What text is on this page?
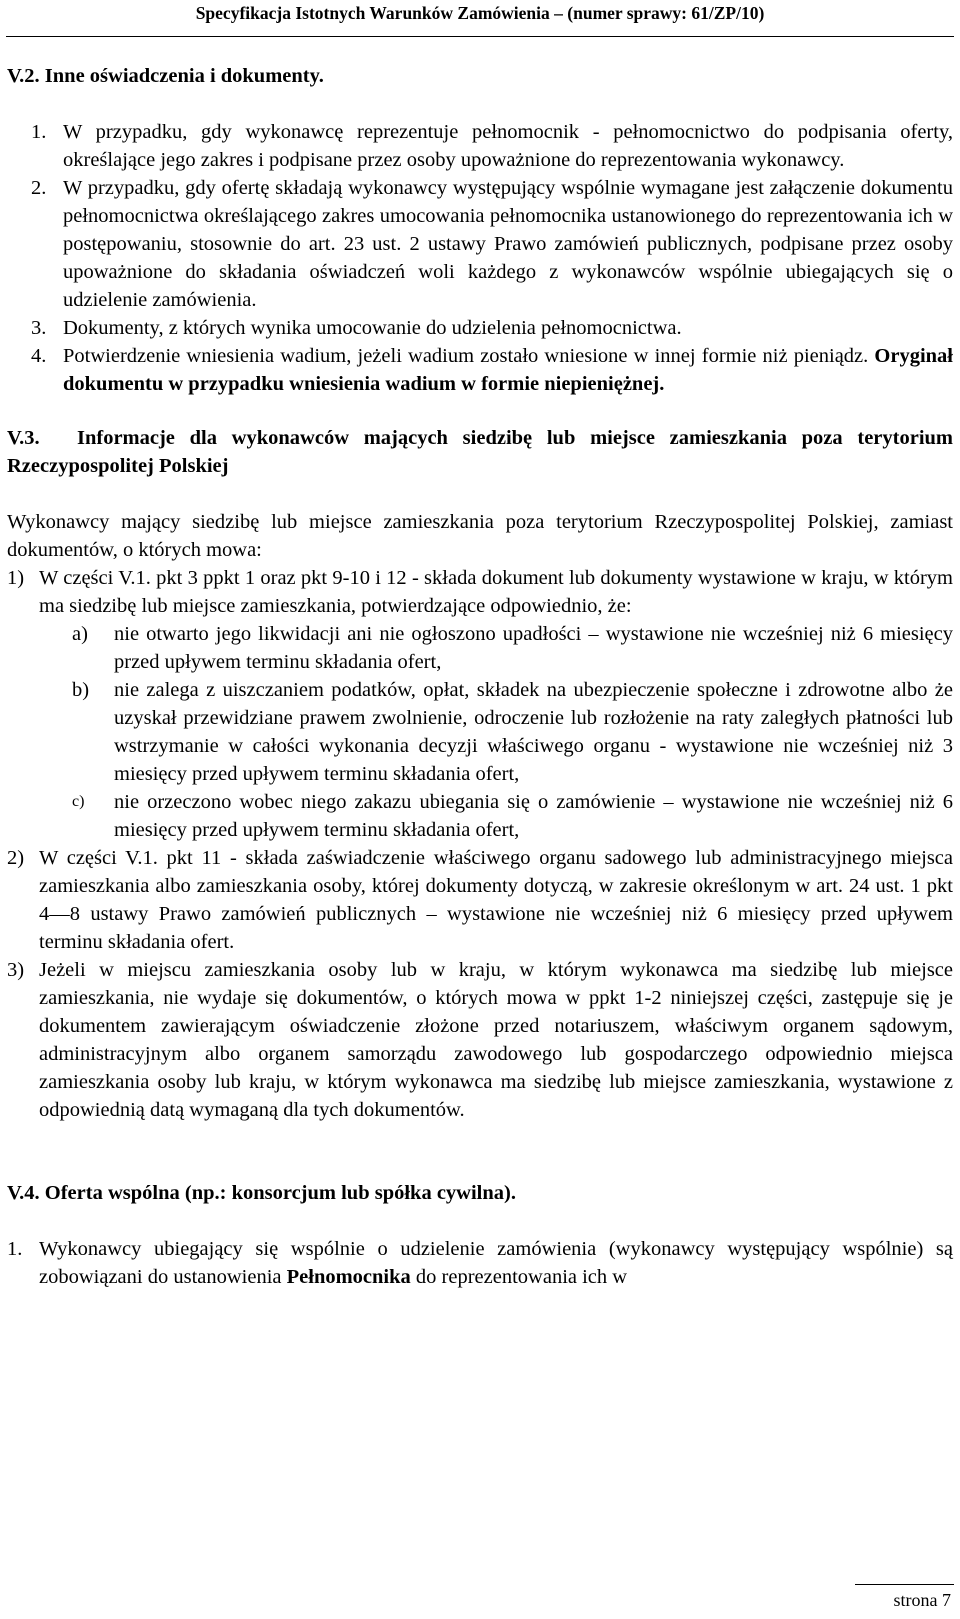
Specyfikacja Istotnych Warunków Zamówienia – (numer sprawy: 61/ZP/10)

V.2. Inne oświadczenia i dokumenty.

1. W przypadku, gdy wykonawcę reprezentuje pełnomocnik - pełnomocnictwo do podpisania oferty, określające jego zakres i podpisane przez osoby upoważnione do reprezentowania wykonawcy.
2. W przypadku, gdy ofertę składają wykonawcy występujący wspólnie wymagane jest załączenie dokumentu pełnomocnictwa określającego zakres umocowania pełnomocnika ustanowionego do reprezentowania ich w postępowaniu, stosownie do art. 23 ust. 2 ustawy Prawo zamówień publicznych, podpisane przez osoby upoważnione do składania oświadczeń woli każdego z wykonawców wspólnie ubiegających się o udzielenie zamówienia.
3. Dokumenty, z których wynika umocowanie do udzielenia pełnomocnictwa.
4. Potwierdzenie wniesienia wadium, jeżeli wadium zostało wniesione w innej formie niż pieniądz. Oryginał dokumentu w przypadku wniesienia wadium w formie niepieniężnej.

V.3. Informacje dla wykonawców mających siedzibę lub miejsce zamieszkania poza terytorium Rzeczypospolitej Polskiej

Wykonawcy mający siedzibę lub miejsce zamieszkania poza terytorium Rzeczypospolitej Polskiej, zamiast dokumentów, o których mowa:

1) W części V.1. pkt 3 ppkt 1 oraz pkt 9-10 i 12 - składa dokument lub dokumenty wystawione w kraju, w którym ma siedzibę lub miejsce zamieszkania, potwierdzające odpowiednio, że:
a)	nie otwarto jego likwidacji ani nie ogłoszono upadłości – wystawione nie wcześniej niż 6 miesięcy przed upływem terminu składania ofert,
b)	nie zalega z uiszczaniem podatków, opłat, składek na ubezpieczenie społeczne i zdrowotne albo że uzyskał przewidziane prawem zwolnienie, odroczenie lub rozłożenie na raty zaległych płatności lub wstrzymanie w całości wykonania decyzji właściwego organu - wystawione nie wcześniej niż 3 miesięcy przed upływem terminu składania ofert,
c)	nie orzeczono wobec niego zakazu ubiegania się o zamówienie – wystawione nie wcześniej niż 6 miesięcy przed upływem terminu składania ofert,
2) W części V.1. pkt 11 - składa zaświadczenie właściwego organu sadowego lub administracyjnego miejsca zamieszkania albo zamieszkania osoby, której dokumenty dotyczą, w zakresie określonym w art. 24 ust. 1 pkt 4—8 ustawy Prawo zamówień publicznych – wystawione nie wcześniej niż 6 miesięcy przed upływem terminu składania ofert.
3) Jeżeli w miejscu zamieszkania osoby lub w kraju, w którym wykonawca ma siedzibę lub miejsce zamieszkania, nie wydaje się dokumentów, o których mowa w ppkt 1-2 niniejszej części, zastępuje się je dokumentem zawierającym oświadczenie złożone przed notariuszem, właściwym organem sądowym, administracyjnym albo organem samorządu zawodowego lub gospodarczego odpowiednio miejsca zamieszkania osoby lub kraju, w którym wykonawca ma siedzibę lub miejsce zamieszkania, wystawione z odpowiednią datą wymaganą dla tych dokumentów.

V.4. Oferta wspólna (np.: konsorcjum lub spółka cywilna).

1. Wykonawcy ubiegający się wspólnie o udzielenie zamówienia (wykonawcy występujący wspólnie) są zobowiązani do ustanowienia Pełnomocnika do reprezentowania ich w
strona 7
